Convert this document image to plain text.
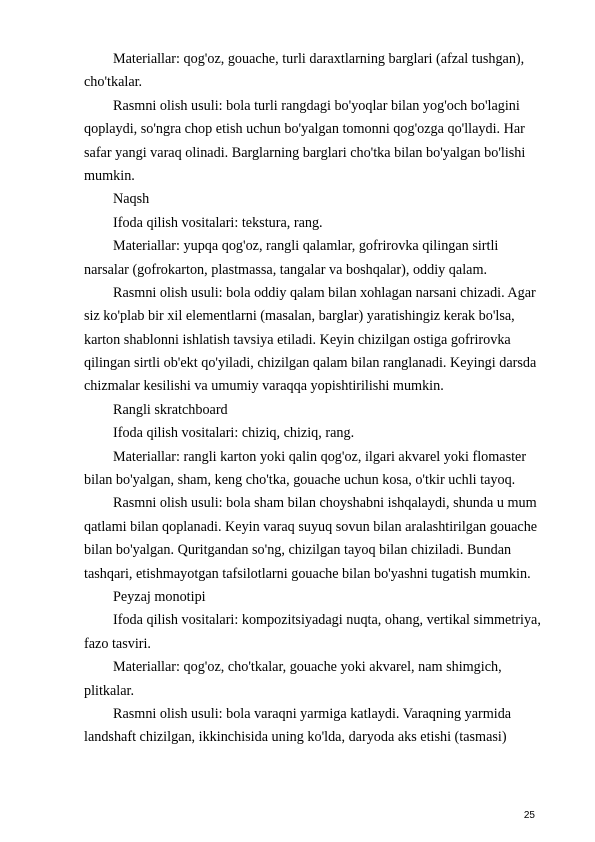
Materiallar: qog'oz, gouache, turli daraxtlarning barglari (afzal tushgan),
cho'tkalar.
Rasmni olish usuli: bola turli rangdagi bo'yoqlar bilan yog'och bo'lagini
qoplaydi, so'ngra chop etish uchun bo'yalgan tomonni qog'ozga qo'llaydi. Har
safar yangi varaq olinadi. Barglarning barglari cho'tka bilan bo'yalgan bo'lishi
mumkin.
Naqsh
Ifoda qilish vositalari: tekstura, rang.
Materiallar: yupqa qog'oz, rangli qalamlar, gofrirovka qilingan sirtli
narsalar (gofrokarton, plastmassa, tangalar va boshqalar), oddiy qalam.
Rasmni olish usuli: bola oddiy qalam bilan xohlagan narsani chizadi. Agar
siz ko'plab bir xil elementlarni (masalan, barglar) yaratishingiz kerak bo'lsa,
karton shablonni ishlatish tavsiya etiladi. Keyin chizilgan ostiga gofrirovka
qilingan sirtli ob'ekt qo'yiladi, chizilgan qalam bilan ranglanadi. Keyingi darsda
chizmalar kesilishi va umumiy varaqqa yopishtirilishi mumkin.
Rangli skratchboard
Ifoda qilish vositalari: chiziq, chiziq, rang.
Materiallar: rangli karton yoki qalin qog'oz, ilgari akvarel yoki flomaster
bilan bo'yalgan, sham, keng cho'tka, gouache uchun kosa, o'tkir uchli tayoq.
Rasmni olish usuli: bola sham bilan choyshabni ishqalaydi, shunda u mum
qatlami bilan qoplanadi. Keyin varaq suyuq sovun bilan aralashtirilgan gouache
bilan bo'yalgan. Quritgandan so'ng, chizilgan tayoq bilan chiziladi. Bundan
tashqari, etishmayotgan tafsilotlarni gouache bilan bo'yashni tugatish mumkin.
Peyzaj monotipi
Ifoda qilish vositalari: kompozitsiyadagi nuqta, ohang, vertikal simmetriya,
fazo tasviri.
Materiallar: qog'oz, cho'tkalar, gouache yoki akvarel, nam shimgich,
plitkalar.
Rasmni olish usuli: bola varaqni yarmiga katlaydi. Varaqning yarmida
landshaft chizilgan, ikkinchisida uning ko'lda, daryoda aks etishi (tasmasi)
25
